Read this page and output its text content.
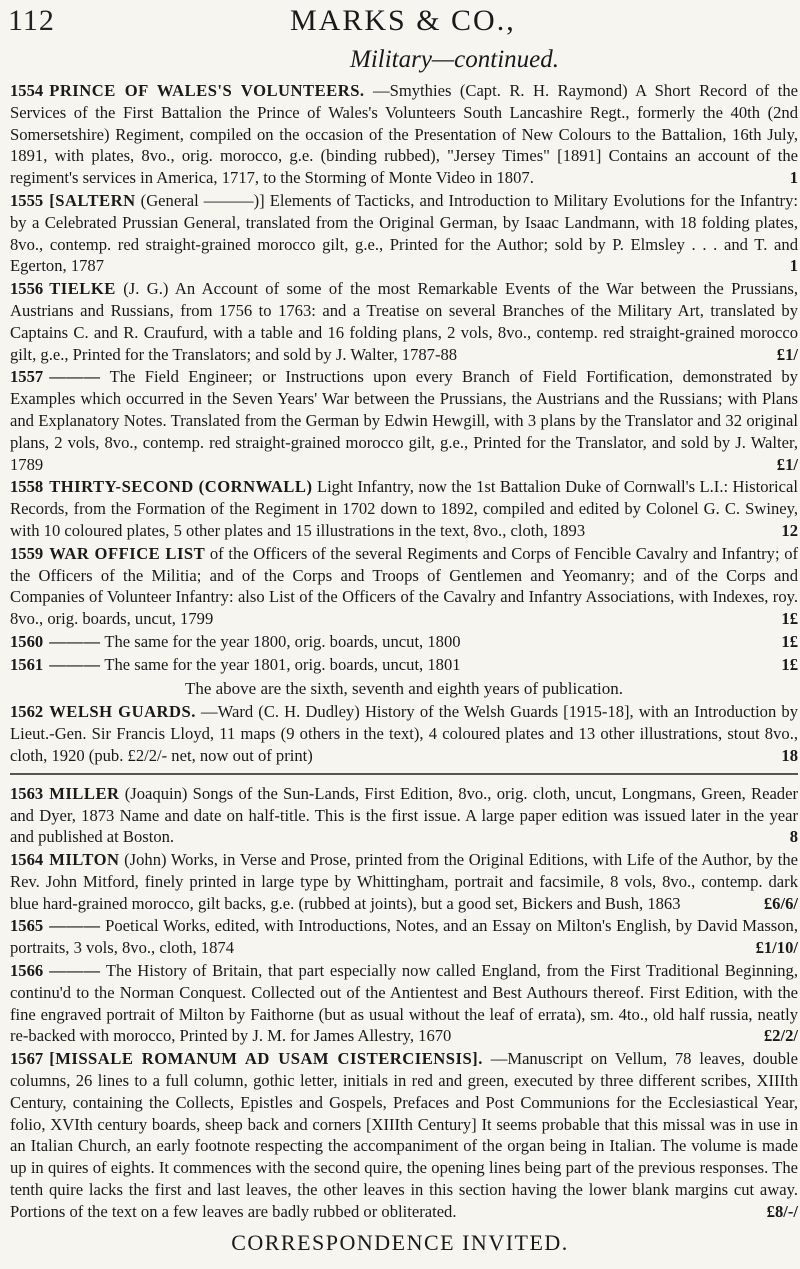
112	MARKS & CO.,
Military—continued.

1554 PRINCE OF WALES'S VOLUNTEERS. —Smythies (Capt. R. H. Raymond) A Short Record of the Services of the First Battalion the Prince of Wales's Volunteers South Lancashire Regt., formerly the 40th (2nd Somersetshire) Regiment, compiled on the occasion of the Presentation of New Colours to the Battalion, 16th July, 1891, with plates, 8vo., orig. morocco, g.e. (binding rubbed), "Jersey Times" [1891] Contains an account of the regiment's services in America, 1717, to the Storming of Monte Video in 1807.	1

1555 [SALTERN (General ———)] Elements of Tacticks, and Introduction to Military Evolutions for the Infantry: by a Celebrated Prussian General, translated from the Original German, by Isaac Landmann, with 18 folding plates, 8vo., contemp. red straight-grained morocco gilt, g.e., Printed for the Author; sold by P. Elmsley . . . and T. and Egerton, 1787	1

1556 TIELKE (J. G.) An Account of some of the most Remarkable Events of the War between the Prussians, Austrians and Russians, from 1756 to 1763: and a Treatise on several Branches of the Military Art, translated by Captains C. and R. Craufurd, with a table and 16 folding plans, 2 vols, 8vo., contemp. red straight-grained morocco gilt, g.e., Printed for the Translators; and sold by J. Walter, 1787-88	£1/

1557 ——— The Field Engineer; or Instructions upon every Branch of Field Fortification, demonstrated by Examples which occurred in the Seven Years' War between the Prussians, the Austrians and the Russians; with Plans and Explanatory Notes. Translated from the German by Edwin Hewgill, with 3 plans by the Translator and 32 original plans, 2 vols, 8vo., contemp. red straight-grained morocco gilt, g.e., Printed for the Translator, and sold by J. Walter, 1789	£1/

1558 THIRTY-SECOND (CORNWALL) Light Infantry, now the 1st Battalion Duke of Cornwall's L.I.: Historical Records, from the Formation of the Regiment in 1702 down to 1892, compiled and edited by Colonel G. C. Swiney, with 10 coloured plates, 5 other plates and 15 illustrations in the text, 8vo., cloth, 1893	12

1559 WAR OFFICE LIST of the Officers of the several Regiments and Corps of Fencible Cavalry and Infantry; of the Officers of the Militia; and of the Corps and Troops of Gentlemen and Yeomanry; and of the Corps and Companies of Volunteer Infantry: also List of the Officers of the Cavalry and Infantry Associations, with Indexes, roy. 8vo., orig. boards, uncut, 1799	1£

1560 ——— The same for the year 1800, orig. boards, uncut, 1800	1£

1561 ——— The same for the year 1801, orig. boards, uncut, 1801	1£

The above are the sixth, seventh and eighth years of publication.

1562 WELSH GUARDS. —Ward (C. H. Dudley) History of the Welsh Guards [1915-18], with an Introduction by Lieut.-Gen. Sir Francis Lloyd, 11 maps (9 others in the text), 4 coloured plates and 13 other illustrations, stout 8vo., cloth, 1920 (pub. £2/2/- net, now out of print)	18

1563 MILLER (Joaquin) Songs of the Sun-Lands, First Edition, 8vo., orig. cloth, uncut, Longmans, Green, Reader and Dyer, 1873 Name and date on half-title. This is the first issue. A large paper edition was issued later in the year and published at Boston.	8

1564 MILTON (John) Works, in Verse and Prose, printed from the Original Editions, with Life of the Author, by the Rev. John Mitford, finely printed in large type by Whittingham, portrait and facsimile, 8 vols, 8vo., contemp. dark blue hard-grained morocco, gilt backs, g.e. (rubbed at joints), but a good set, Bickers and Bush, 1863	£6/6/

1565 ——— Poetical Works, edited, with Introductions, Notes, and an Essay on Milton's English, by David Masson, portraits, 3 vols, 8vo., cloth, 1874	£1/10/

1566 ——— The History of Britain, that part especially now called England, from the First Traditional Beginning, continu'd to the Norman Conquest. Collected out of the Antientest and Best Authours thereof. First Edition, with the fine engraved portrait of Milton by Faithorne (but as usual without the leaf of errata), sm. 4to., old half russia, neatly re-backed with morocco, Printed by J. M. for James Allestry, 1670	£2/2/

1567 [MISSALE ROMANUM AD USAM CISTERCIENSIS]. —Manuscript on Vellum, 78 leaves, double columns, 26 lines to a full column, gothic letter, initials in red and green, executed by three different scribes, XIIIth Century, containing the Collects, Epistles and Gospels, Prefaces and Post Communions for the Ecclesiastical Year, folio, XVIth century boards, sheep back and corners [XIIIth Century] It seems probable that this missal was in use in an Italian Church, an early footnote respecting the accompaniment of the organ being in Italian. The volume is made up in quires of eights. It commences with the second quire, the opening lines being part of the previous responses. The tenth quire lacks the first and last leaves, the other leaves in this section having the lower blank margins cut away. Portions of the text on a few leaves are badly rubbed or obliterated.	£8/-/

CORRESPONDENCE INVITED.
